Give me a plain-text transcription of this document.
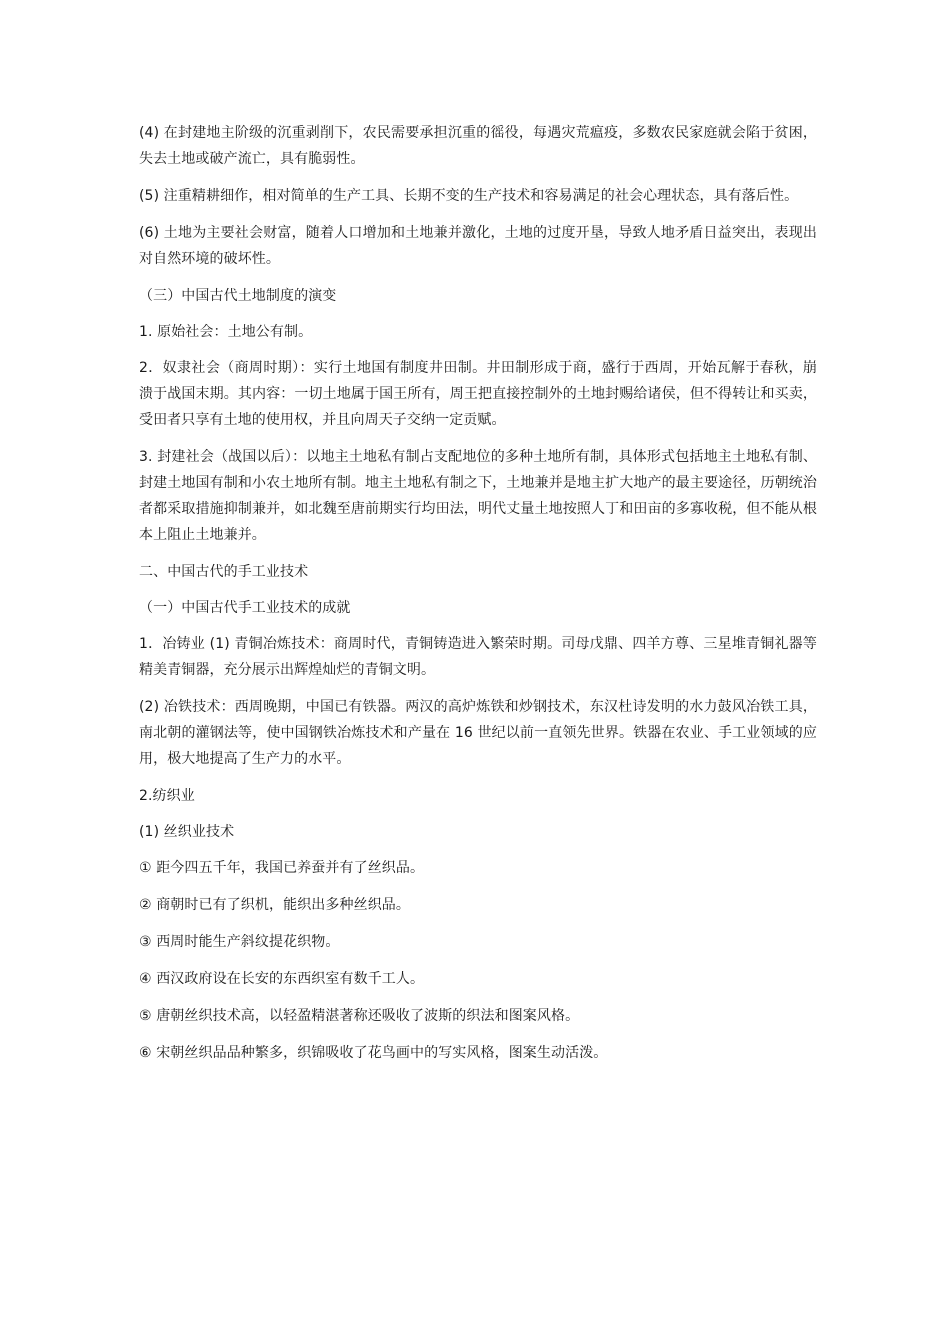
(4) 在封建地主阶级的沉重剥削下，农民需要承担沉重的徭役，每遇灾荒瘟疫，多数农民家庭就会陷于贫困，失去土地或破产流亡，具有脆弱性。

(5) 注重精耕细作，相对简单的生产工具、长期不变的生产技术和容易满足的社会心理状态，具有落后性。

(6) 土地为主要社会财富，随着人口增加和土地兼并激化，土地的过度开垦，导致人地矛盾日益突出，表现出对自然环境的破坏性。

（三）中国古代土地制度的演变

1. 原始社会：土地公有制。

2．奴隶社会（商周时期）：实行土地国有制度井田制。井田制形成于商，盛行于西周，开始瓦解于春秋，崩溃于战国末期。其内容：一切土地属于国王所有，周王把直接控制外的土地封赐给诸侯，但不得转让和买卖，受田者只享有土地的使用权，并且向周天子交纳一定贡赋。

3. 封建社会（战国以后）：以地主土地私有制占支配地位的多种土地所有制，具体形式包括地主土地私有制、封建土地国有制和小农土地所有制。地主土地私有制之下，土地兼并是地主扩大地产的最主要途径，历朝统治者都采取措施抑制兼并，如北魏至唐前期实行均田法，明代丈量土地按照人丁和田亩的多寡收税，但不能从根本上阻止土地兼并。

二、中国古代的手工业技术

（一）中国古代手工业技术的成就

1．冶铸业 (1) 青铜冶炼技术：商周时代，青铜铸造进入繁荣时期。司母戊鼎、四羊方尊、三星堆青铜礼器等精美青铜器，充分展示出辉煌灿烂的青铜文明。

(2) 冶铁技术：西周晚期，中国已有铁器。两汉的高炉炼铁和炒钢技术，东汉杜诗发明的水力鼓风冶铁工具，南北朝的灌钢法等，使中国钢铁冶炼技术和产量在 16 世纪以前一直领先世界。铁器在农业、手工业领域的应用，极大地提高了生产力的水平。

2.纺织业

(1) 丝织业技术

① 距今四五千年，我国已养蚕并有了丝织品。

② 商朝时已有了织机，能织出多种丝织品。

③ 西周时能生产斜纹提花织物。

④ 西汉政府设在长安的东西织室有数千工人。

⑤ 唐朝丝织技术高，以轻盈精湛著称还吸收了波斯的织法和图案风格。

⑥ 宋朝丝织品品种繁多，织锦吸收了花鸟画中的写实风格，图案生动活泼。
